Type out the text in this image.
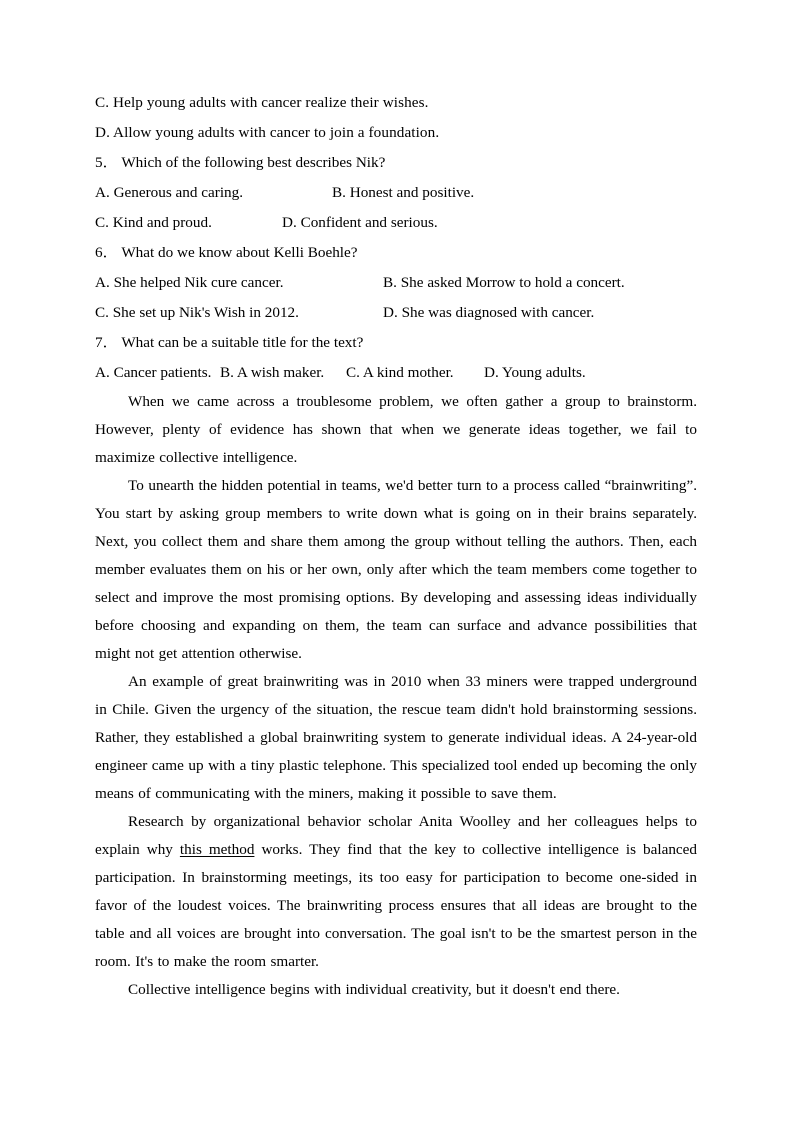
C. Help young adults with cancer realize their wishes.
D. Allow young adults with cancer to join a foundation.
5． Which of the following best describes Nik?
A. Generous and caring.	B. Honest and positive.
C. Kind and proud.	D. Confident and serious.
6． What do we know about Kelli Boehle?
A. She helped Nik cure cancer.	B. She asked Morrow to hold a concert.
C. She set up Nik's Wish in 2012.	D. She was diagnosed with cancer.
7． What can be a suitable title for the text?
A. Cancer patients. B. A wish maker. C. A kind mother. D. Young adults.

When we came across a troublesome problem, we often gather a group to brainstorm. However, plenty of evidence has shown that when we generate ideas together, we fail to maximize collective intelligence.

To unearth the hidden potential in teams, we'd better turn to a process called “brainwriting”. You start by asking group members to write down what is going on in their brains separately. Next, you collect them and share them among the group without telling the authors. Then, each member evaluates them on his or her own, only after which the team members come together to select and improve the most promising options. By developing and assessing ideas individually before choosing and expanding on them, the team can surface and advance possibilities that might not get attention otherwise.

An example of great brainwriting was in 2010 when 33 miners were trapped underground in Chile. Given the urgency of the situation, the rescue team didn't hold brainstorming sessions. Rather, they established a global brainwriting system to generate individual ideas. A 24-year-old engineer came up with a tiny plastic telephone. This specialized tool ended up becoming the only means of communicating with the miners, making it possible to save them.

Research by organizational behavior scholar Anita Woolley and her colleagues helps to explain why this method works. They find that the key to collective intelligence is balanced participation. In brainstorming meetings, its too easy for participation to become one-sided in favor of the loudest voices. The brainwriting process ensures that all ideas are brought to the table and all voices are brought into conversation. The goal isn't to be the smartest person in the room. It's to make the room smarter.

Collective intelligence begins with individual creativity, but it doesn't end there.
